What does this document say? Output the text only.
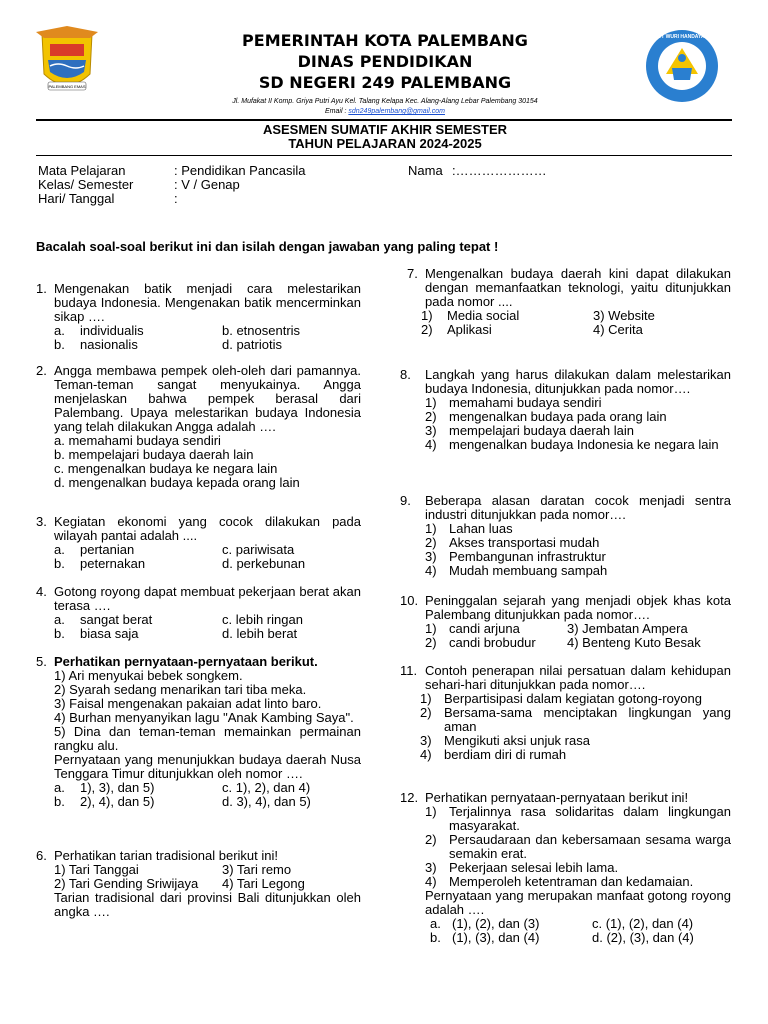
PALEMBANG EMAS
TUT WURI HANDAYANI
PEMERINTAH KOTA PALEMBANG
DINAS PENDIDIKAN
SD NEGERI 249 PALEMBANG
Jl. Mufakat II Komp. Griya Putri Ayu Kel. Talang Kelapa Kec. Alang-Alang Lebar Palembang 30154
Email : sdn249palembang@gmail.com
ASESMEN SUMATIF AKHIR SEMESTER
TAHUN PELAJARAN 2024-2025
Mata Pelajaran	: Pendidikan Pancasila
Kelas/ Semester	: V / Genap
Hari/ Tanggal	:
Nama :…………………
Bacalah soal-soal berikut ini dan isilah dengan jawaban yang paling tepat !
1. Mengenakan batik menjadi cara melestarikan budaya Indonesia. Mengenakan batik mencerminkan sikap ….
a.	individualis	b. etnosentris
b.	nasionalis	d. patriotis
2. Angga membawa pempek oleh-oleh dari pamannya. Teman-teman sangat menyukainya. Angga menjelaskan bahwa pempek berasal dari Palembang. Upaya melestarikan budaya Indonesia yang telah dilakukan Angga adalah ….
a. memahami budaya sendiri
b. mempelajari budaya daerah lain
c. mengenalkan budaya ke negara lain
d. mengenalkan budaya kepada orang lain
3. Kegiatan ekonomi yang cocok dilakukan pada wilayah pantai adalah ....
a.	pertanian	c. pariwisata
b.	peternakan	d. perkebunan
4. Gotong royong dapat membuat pekerjaan berat akan terasa ….
a.	sangat berat	c. lebih ringan
b.	biasa saja	d. lebih berat
5. Perhatikan pernyataan-pernyataan berikut.
1) Ari menyukai bebek songkem.
2) Syarah sedang menarikan tari tiba meka.
3) Faisal mengenakan pakaian adat linto baro.
4) Burhan menyanyikan lagu "Anak Kambing Saya".
5) Dina dan teman-teman memainkan permainan rangku alu.
Pernyataan yang menunjukkan budaya daerah Nusa Tenggara Timur ditunjukkan oleh nomor ….
a.	1), 3), dan 5)	c. 1), 2), dan 4)
b.	2), 4), dan 5)	d. 3), 4), dan 5)
6. Perhatikan tarian tradisional berikut ini!
1) Tari Tanggai	3) Tari remo
2) Tari Gending Sriwijaya	4) Tari Legong
Tarian tradisional dari provinsi Bali ditunjukkan oleh angka ….
7. Mengenalkan budaya daerah kini dapat dilakukan dengan memanfaatkan teknologi, yaitu ditunjukkan pada nomor ....
1)	Media social	3) Website
2)	Aplikasi	4) Cerita
8.	Langkah yang harus dilakukan dalam melestarikan budaya Indonesia, ditunjukkan pada nomor….
1) memahami budaya sendiri
2) mengenalkan budaya pada orang lain
3) mempelajari budaya daerah lain
4) mengenalkan budaya Indonesia ke negara lain
9.	Beberapa alasan daratan cocok menjadi sentra industri ditunjukkan pada nomor….
1) Lahan luas
2) Akses transportasi mudah
3) Pembangunan infrastruktur
4) Mudah membuang sampah
10. Peninggalan sejarah yang menjadi objek khas kota Palembang ditunjukkan pada nomor….
1) candi arjuna	3) Jembatan Ampera
2) candi brobudur 4) Benteng Kuto Besak
11. Contoh penerapan nilai persatuan dalam kehidupan sehari-hari ditunjukkan pada nomor….
1) Berpartisipasi dalam kegiatan gotong-royong
2) Bersama-sama menciptakan lingkungan yang aman
3) Mengikuti aksi unjuk rasa
4) berdiam diri di rumah
12. Perhatikan pernyataan-pernyataan berikut ini!
1) Terjalinnya rasa solidaritas dalam lingkungan masyarakat.
2) Persaudaraan dan kebersamaan sesama warga semakin erat.
3) Pekerjaan selesai lebih lama.
4) Memperoleh ketentraman dan kedamaian.
Pernyataan yang merupakan manfaat gotong royong adalah ….
a. (1), (2), dan (3)	c. (1), (2), dan (4)
b. (1), (3), dan (4)	d. (2), (3), dan (4)
